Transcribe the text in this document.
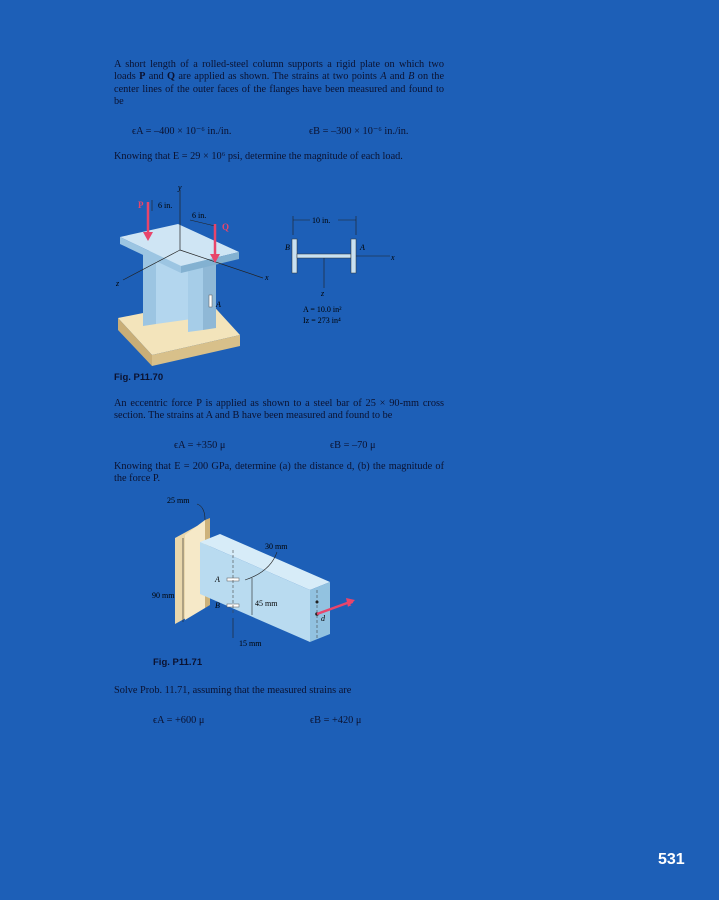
A short length of a rolled-steel column supports a rigid plate on which two loads P and Q are applied as shown. The strains at two points A and B on the center lines of the outer faces of the flanges have been measured and found to be
ϵA = –400 × 10⁻⁶ in./in.	ϵB = –300 × 10⁻⁶ in./in.
Knowing that E = 29 × 10⁶ psi, determine the magnitude of each load.
y
x
z
6 in.
6 in.
P
Q
A
10 in.
B	A
x
z
A = 10.0 in²
Iz = 273 in⁴
Fig. P11.70
An eccentric force P is applied as shown to a steel bar of 25 × 90-mm cross section. The strains at A and B have been measured and found to be
ϵA = +350 μ	ϵB = –70 μ
Knowing that E = 200 GPa, determine (a) the distance d, (b) the magnitude of the force P.
P
d
25 mm
30 mm
90 mm
45 mm
15 mm
A
B
Fig. P11.71
Solve Prob. 11.71, assuming that the measured strains are
ϵA = +600 μ	ϵB = +420 μ
531
